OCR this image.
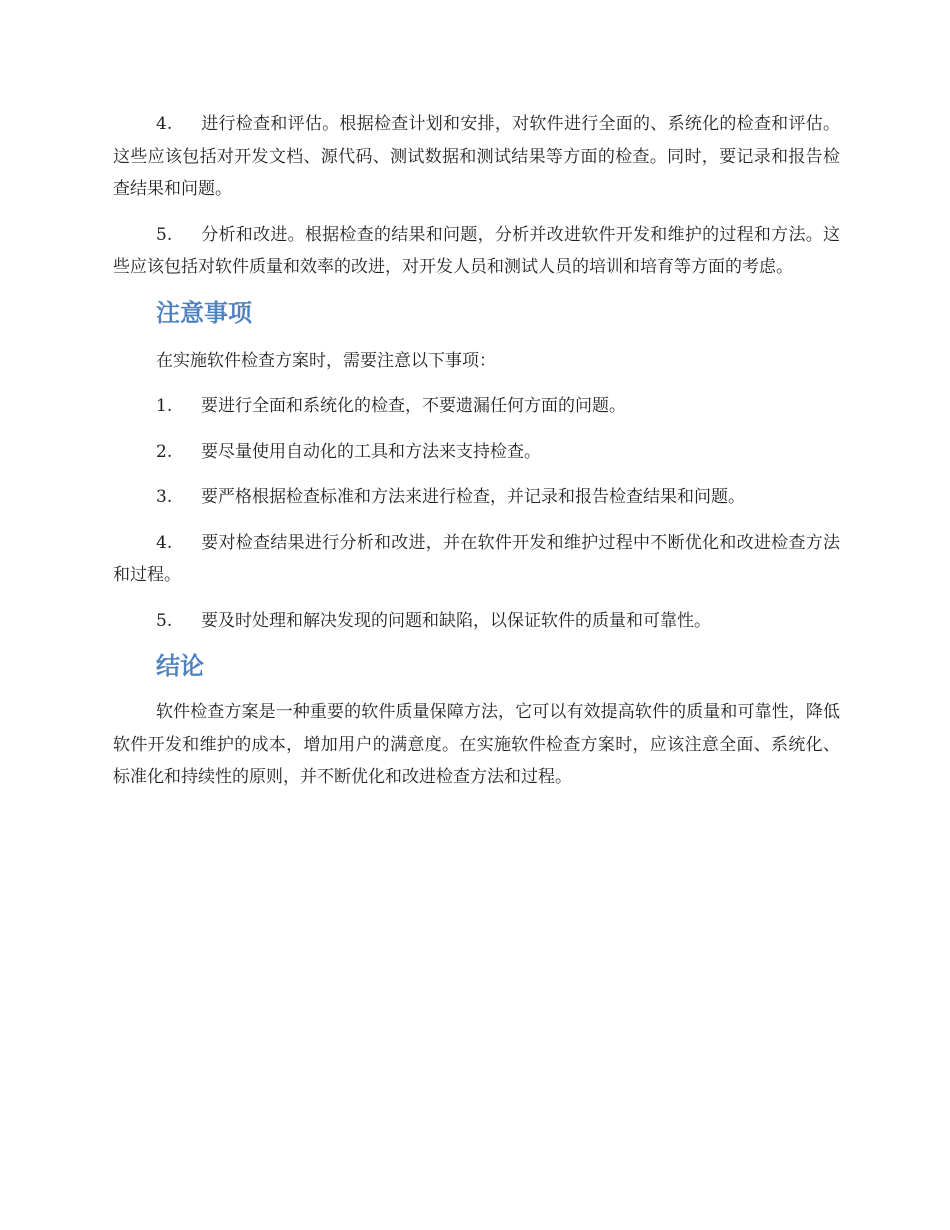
4. 进行检查和评估。根据检查计划和安排，对软件进行全面的、系统化的检查和评估。这些应该包括对开发文档、源代码、测试数据和测试结果等方面的检查。同时，要记录和报告检查结果和问题。

5. 分析和改进。根据检查的结果和问题，分析并改进软件开发和维护的过程和方法。这些应该包括对软件质量和效率的改进，对开发人员和测试人员的培训和培育等方面的考虑。

注意事项

在实施软件检查方案时，需要注意以下事项：

1. 要进行全面和系统化的检查，不要遗漏任何方面的问题。

2. 要尽量使用自动化的工具和方法来支持检查。

3. 要严格根据检查标准和方法来进行检查，并记录和报告检查结果和问题。

4. 要对检查结果进行分析和改进，并在软件开发和维护过程中不断优化和改进检查方法和过程。

5. 要及时处理和解决发现的问题和缺陷，以保证软件的质量和可靠性。

结论

软件检查方案是一种重要的软件质量保障方法，它可以有效提高软件的质量和可靠性，降低软件开发和维护的成本，增加用户的满意度。在实施软件检查方案时，应该注意全面、系统化、标准化和持续性的原则，并不断优化和改进检查方法和过程。
